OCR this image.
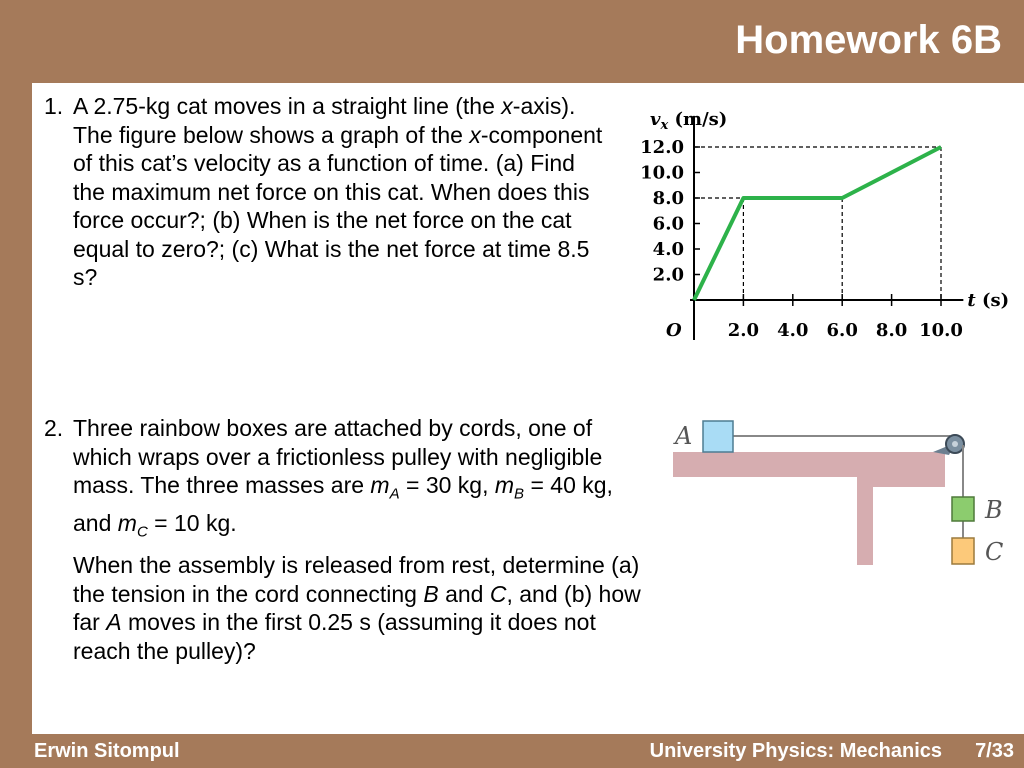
Homework 6B
1. A 2.75-kg cat moves in a straight line (the x-axis). The figure below shows a graph of the x-component of this cat’s velocity as a function of time. (a) Find the maximum net force on this cat. When does this force occur?; (b) When is the net force on the cat equal to zero?; (c) What is the net force at time 8.5 s?
2. Three rainbow boxes are attached by cords, one of which wraps over a frictionless pulley with negligible mass. The three masses are $m_A = 30$ kg, $m_B = 40$ kg, and $m_C = 10$ kg.
When the assembly is released from rest, determine (a) the tension in the cord connecting B and C, and (b) how far A moves in the first 0.25 s (assuming it does not reach the pulley)?
2.0
4.0
6.0
8.0
10.0
12.0
2.0 4.0 6.0 8.0 10.0
O
$v_x$ (m/s)
t (s)
A
B
C
Erwin Sitompul	University Physics: Mechanics 7/33
